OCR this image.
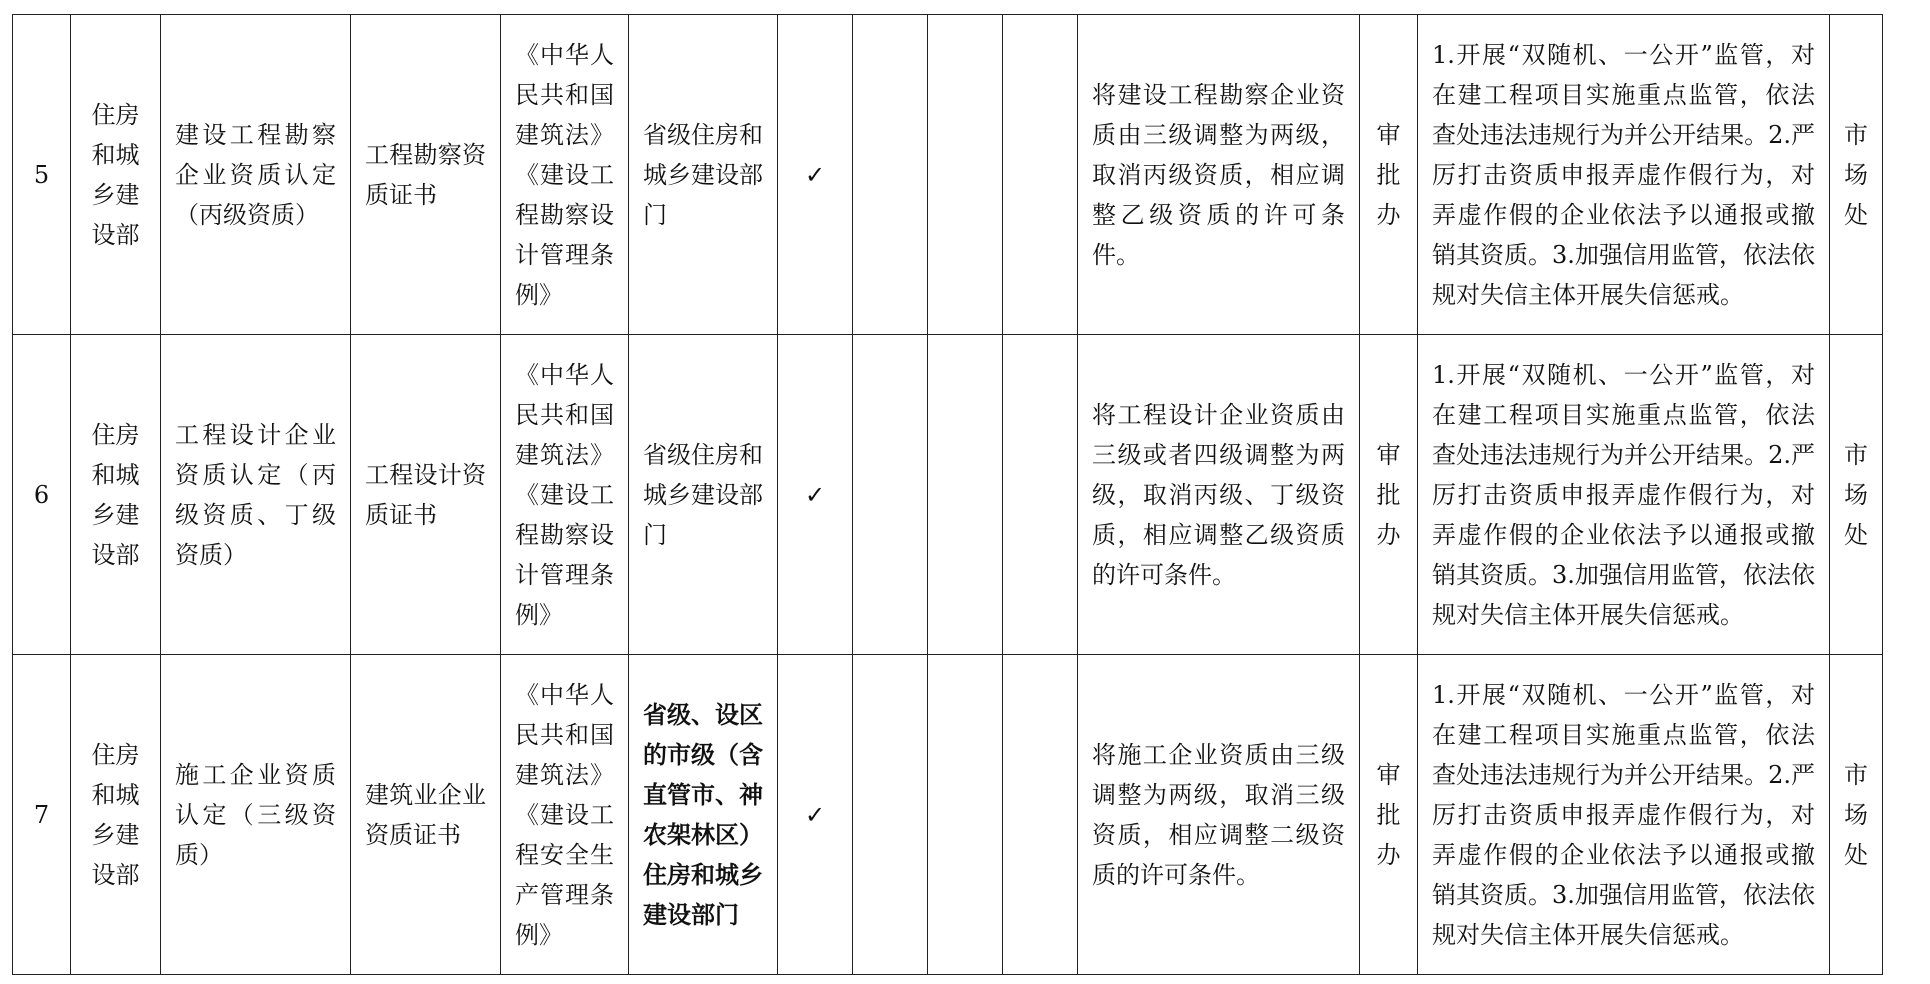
5	住房和城乡建设部	建设工程勘察企业资质认定（丙级资质）	工程勘察资质证书	《中华人民共和国建筑法》《建设工程勘察设计管理条例》	省级住房和城乡建设部门	✓				将建设工程勘察企业资质由三级调整为两级，取消丙级资质，相应调整乙级资质的许可条件。	审批办	1.开展“双随机、一公开”监管，对在建工程项目实施重点监管，依法查处违法违规行为并公开结果。2.严厉打击资质申报弄虚作假行为，对弄虚作假的企业依法予以通报或撤销其资质。3.加强信用监管，依法依规对失信主体开展失信惩戒。	市场处
6	住房和城乡建设部	工程设计企业资质认定（丙级资质、丁级资质）	工程设计资质证书	《中华人民共和国建筑法》《建设工程勘察设计管理条例》	省级住房和城乡建设部门	✓				将工程设计企业资质由三级或者四级调整为两级，取消丙级、丁级资质，相应调整乙级资质的许可条件。	审批办	1.开展“双随机、一公开”监管，对在建工程项目实施重点监管，依法查处违法违规行为并公开结果。2.严厉打击资质申报弄虚作假行为，对弄虚作假的企业依法予以通报或撤销其资质。3.加强信用监管，依法依规对失信主体开展失信惩戒。	市场处
7	住房和城乡建设部	施工企业资质认定（三级资质）	建筑业企业资质证书	《中华人民共和国建筑法》《建设工程安全生产管理条例》	省级、设区的市级（含直管市、神农架林区）住房和城乡建设部门	✓				将施工企业资质由三级调整为两级，取消三级资质，相应调整二级资质的许可条件。	审批办	1.开展“双随机、一公开”监管，对在建工程项目实施重点监管，依法查处违法违规行为并公开结果。2.严厉打击资质申报弄虚作假行为，对弄虚作假的企业依法予以通报或撤销其资质。3.加强信用监管，依法依规对失信主体开展失信惩戒。	市场处
